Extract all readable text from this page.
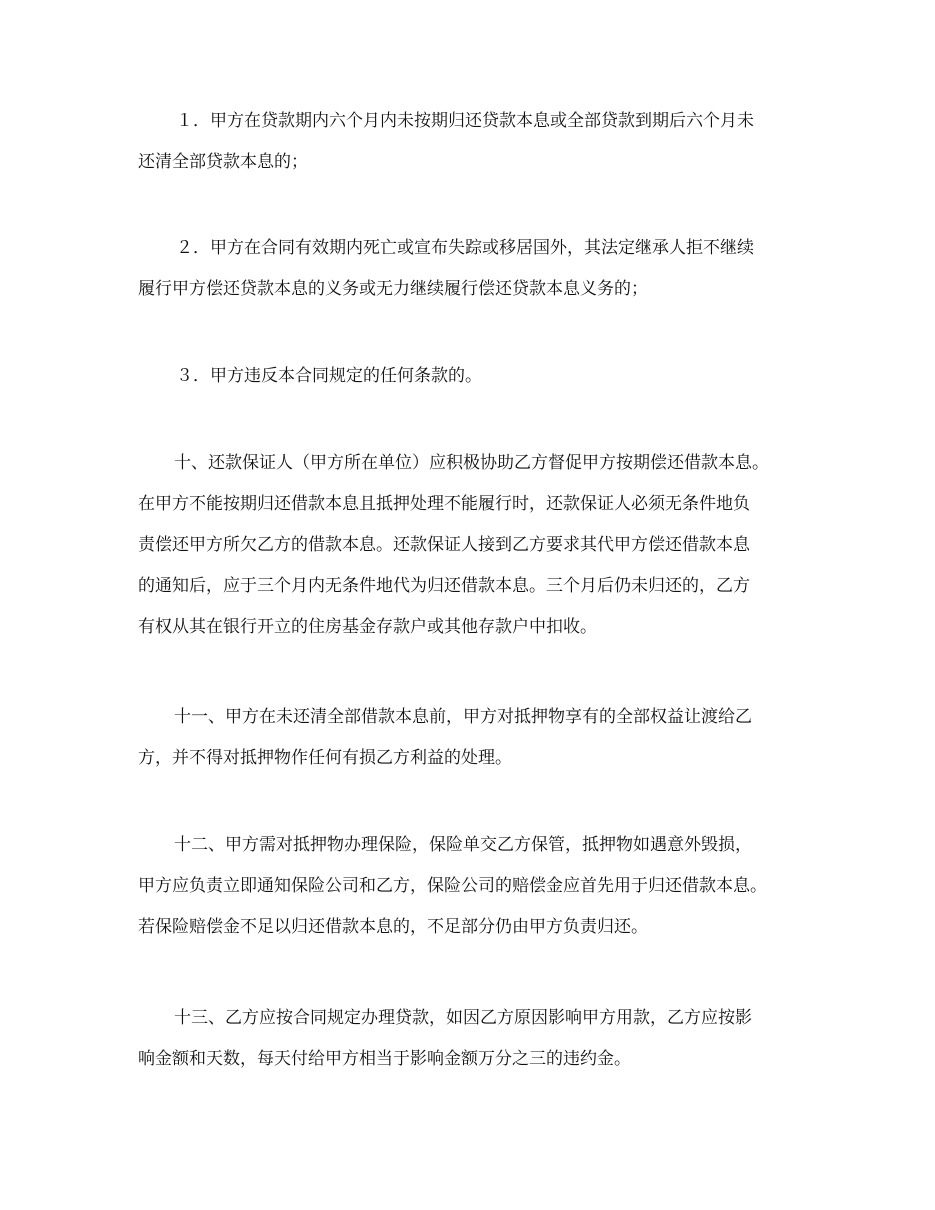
１．甲方在贷款期内六个月内未按期归还贷款本息或全部贷款到期后六个月未
还清全部贷款本息的；

２．甲方在合同有效期内死亡或宣布失踪或移居国外，其法定继承人拒不继续
履行甲方偿还贷款本息的义务或无力继续履行偿还贷款本息义务的；

３．甲方违反本合同规定的任何条款的。

十、还款保证人（甲方所在单位）应积极协助乙方督促甲方按期偿还借款本息。
在甲方不能按期归还借款本息且抵押处理不能履行时，还款保证人必须无条件地负
责偿还甲方所欠乙方的借款本息。还款保证人接到乙方要求其代甲方偿还借款本息
的通知后，应于三个月内无条件地代为归还借款本息。三个月后仍未归还的，乙方
有权从其在银行开立的住房基金存款户或其他存款户中扣收。

十一、甲方在未还清全部借款本息前，甲方对抵押物享有的全部权益让渡给乙
方，并不得对抵押物作任何有损乙方利益的处理。

十二、甲方需对抵押物办理保险，保险单交乙方保管，抵押物如遇意外毁损，
甲方应负责立即通知保险公司和乙方，保险公司的赔偿金应首先用于归还借款本息。
若保险赔偿金不足以归还借款本息的，不足部分仍由甲方负责归还。

十三、乙方应按合同规定办理贷款，如因乙方原因影响甲方用款，乙方应按影
响金额和天数，每天付给甲方相当于影响金额万分之三的违约金。
